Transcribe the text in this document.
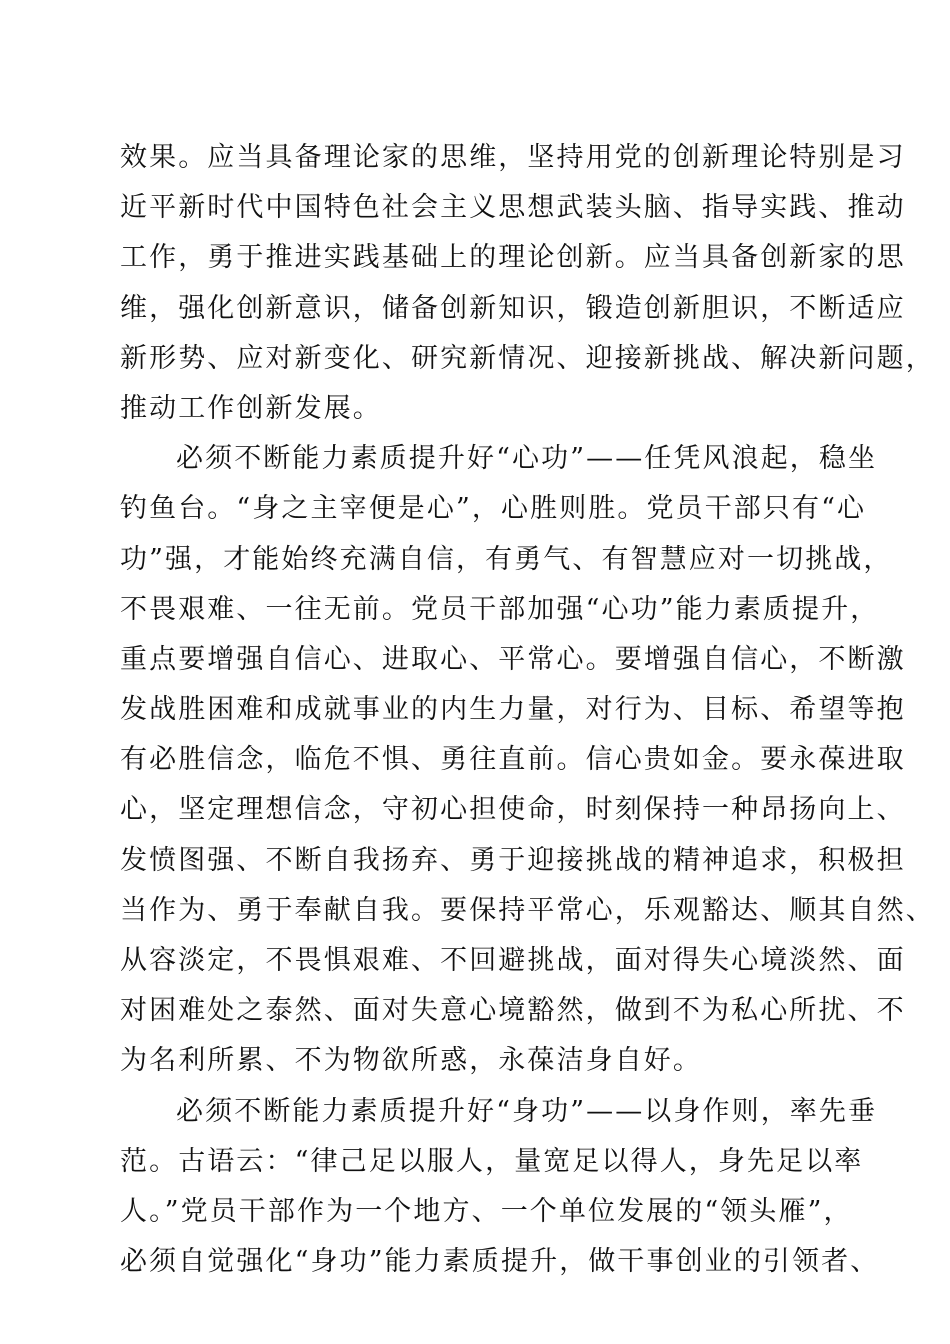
效果。应当具备理论家的思维，坚持用党的创新理论特别是习
近平新时代中国特色社会主义思想武装头脑、指导实践、推动
工作，勇于推进实践基础上的理论创新。应当具备创新家的思
维，强化创新意识，储备创新知识，锻造创新胆识，不断适应
新形势、应对新变化、研究新情况、迎接新挑战、解决新问题，
推动工作创新发展。
必须不断能力素质提升好“心功”——任凭风浪起，稳坐
钓鱼台。“身之主宰便是心”，心胜则胜。党员干部只有“心
功”强，才能始终充满自信，有勇气、有智慧应对一切挑战，
不畏艰难、一往无前。党员干部加强“心功”能力素质提升，
重点要增强自信心、进取心、平常心。要增强自信心，不断激
发战胜困难和成就事业的内生力量，对行为、目标、希望等抱
有必胜信念，临危不惧、勇往直前。信心贵如金。要永葆进取
心，坚定理想信念，守初心担使命，时刻保持一种昂扬向上、
发愤图强、不断自我扬弃、勇于迎接挑战的精神追求，积极担
当作为、勇于奉献自我。要保持平常心，乐观豁达、顺其自然、
从容淡定，不畏惧艰难、不回避挑战，面对得失心境淡然、面
对困难处之泰然、面对失意心境豁然，做到不为私心所扰、不
为名利所累、不为物欲所惑，永葆洁身自好。
必须不断能力素质提升好“身功”——以身作则，率先垂
范。古语云：“律己足以服人，量宽足以得人，身先足以率
人。”党员干部作为一个地方、一个单位发展的“领头雁”，
必须自觉强化“身功”能力素质提升，做干事创业的引领者、
